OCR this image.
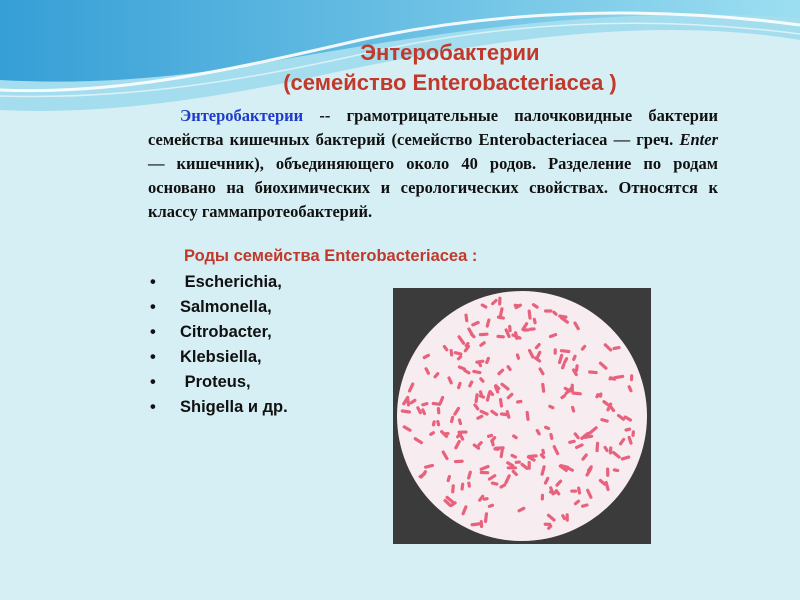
Энтеробактерии
(семейство Enterobacteriacea )
Энтеробактерии -- грамотрицательные палочковидные бактерии семейства кишечных бактерий (семейство Enterobacteriacea — греч. Enter — кишечник), объединяющего около 40 родов. Разделение по родам основано на биохимических и серологических свойствах. Относятся к классу гаммапротеобактерий.
Роды семейства Enterobacteriacea :
• Escherichia,
• Salmonella,
• Citrobacter,
• Klebsiella,
• Proteus,
• Shigella и др.
